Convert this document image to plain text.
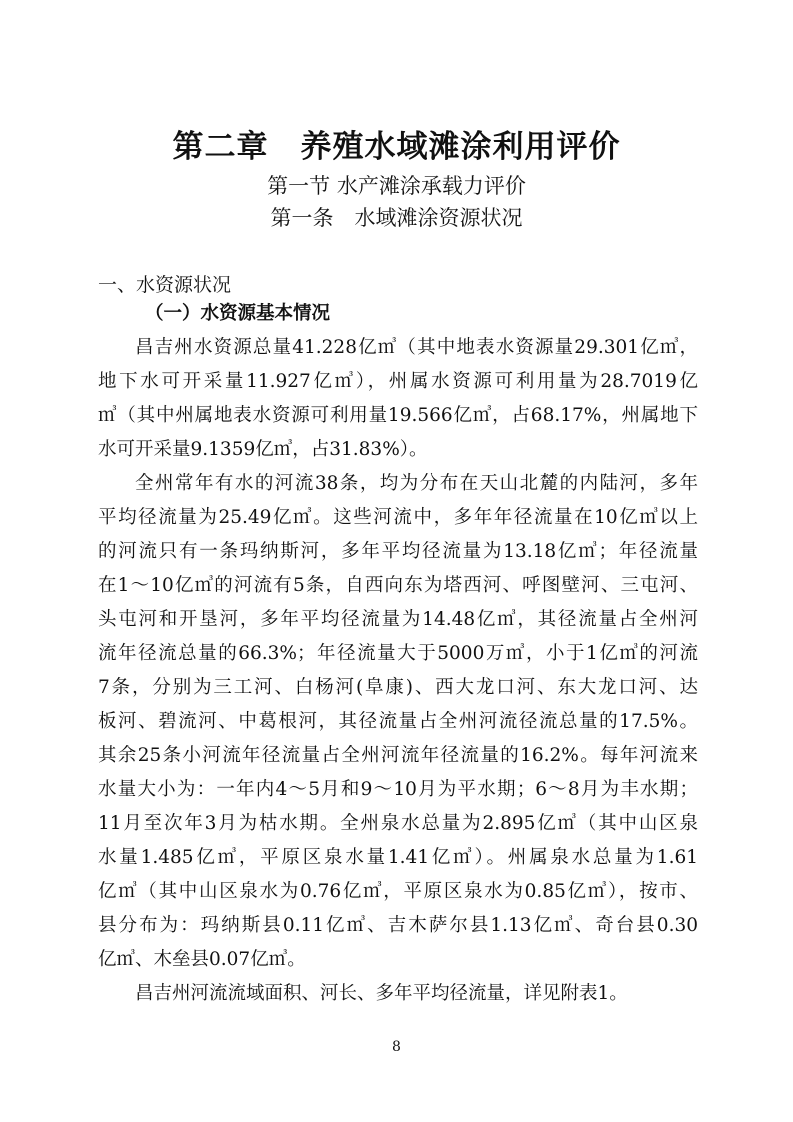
第二章　养殖水域滩涂利用评价
第一节 水产滩涂承载力评价
第一条　水域滩涂资源状况
一、水资源状况
（一）水资源基本情况
昌吉州水资源总量41.228亿㎥（其中地表水资源量29.301亿㎥，
地下水可开采量11.927亿㎥），州属水资源可利用量为28.7019亿
㎥（其中州属地表水资源可利用量19.566亿㎥，占68.17%，州属地下
水可开采量9.1359亿㎥，占31.83%）。
全州常年有水的河流38条，均为分布在天山北麓的内陆河，多年
平均径流量为25.49亿㎥。这些河流中，多年年径流量在10亿㎥以上
的河流只有一条玛纳斯河，多年平均径流量为13.18亿㎥；年径流量
在1～10亿㎥的河流有5条，自西向东为塔西河、呼图壁河、三屯河、
头屯河和开垦河，多年平均径流量为14.48亿㎥，其径流量占全州河
流年径流总量的66.3%；年径流量大于5000万㎥，小于1亿㎥的河流
7条，分别为三工河、白杨河(阜康)、西大龙口河、东大龙口河、达
板河、碧流河、中葛根河，其径流量占全州河流径流总量的17.5%。
其余25条小河流年径流量占全州河流年径流量的16.2%。每年河流来
水量大小为：一年内4～5月和9～10月为平水期；6～8月为丰水期；
11月至次年3月为枯水期。全州泉水总量为2.895亿㎥（其中山区泉
水量1.485亿㎥，平原区泉水量1.41亿㎥）。州属泉水总量为1.61
亿㎥（其中山区泉水为0.76亿㎥，平原区泉水为0.85亿㎥），按市、
县分布为：玛纳斯县0.11亿㎥、吉木萨尔县1.13亿㎥、奇台县0.30
亿㎥、木垒县0.07亿㎥。
昌吉州河流流域面积、河长、多年平均径流量，详见附表1。
8
